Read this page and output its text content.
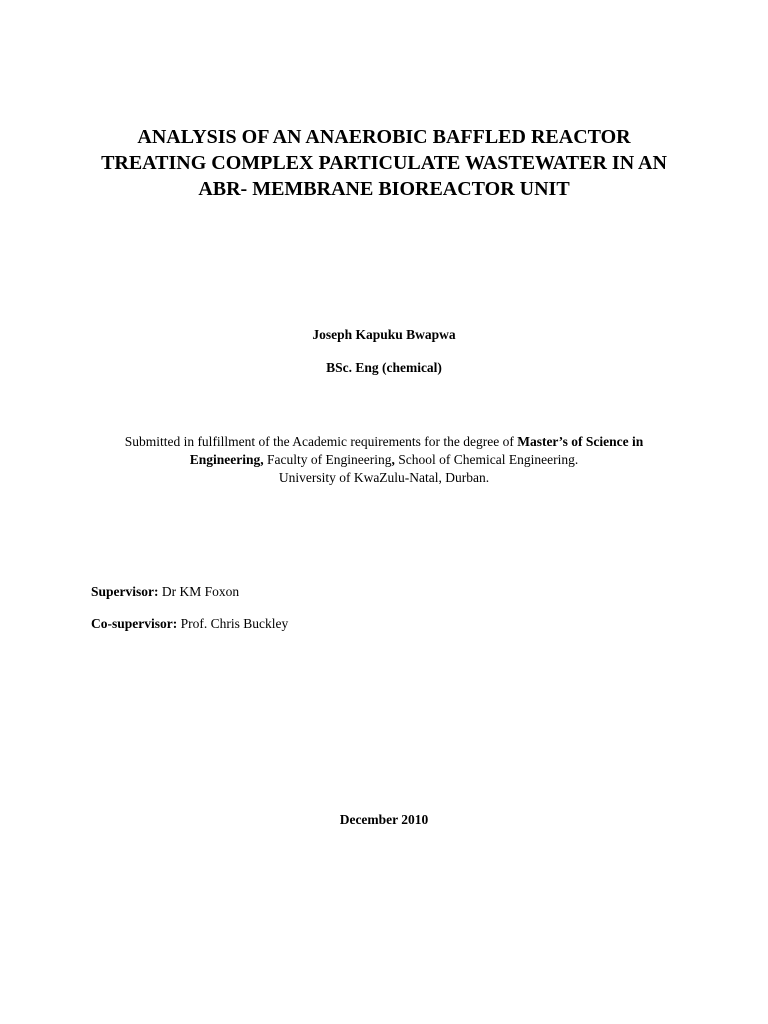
ANALYSIS OF AN ANAEROBIC BAFFLED REACTOR
TREATING COMPLEX PARTICULATE WASTEWATER IN AN
ABR- MEMBRANE BIOREACTOR UNIT
Joseph Kapuku Bwapwa
BSc. Eng (chemical)
Submitted in fulfillment of the Academic requirements for the degree of Master’s of Science in
Engineering, Faculty of Engineering, School of Chemical Engineering.
University of KwaZulu-Natal, Durban.
Supervisor: Dr KM Foxon
Co-supervisor: Prof. Chris Buckley
December 2010
